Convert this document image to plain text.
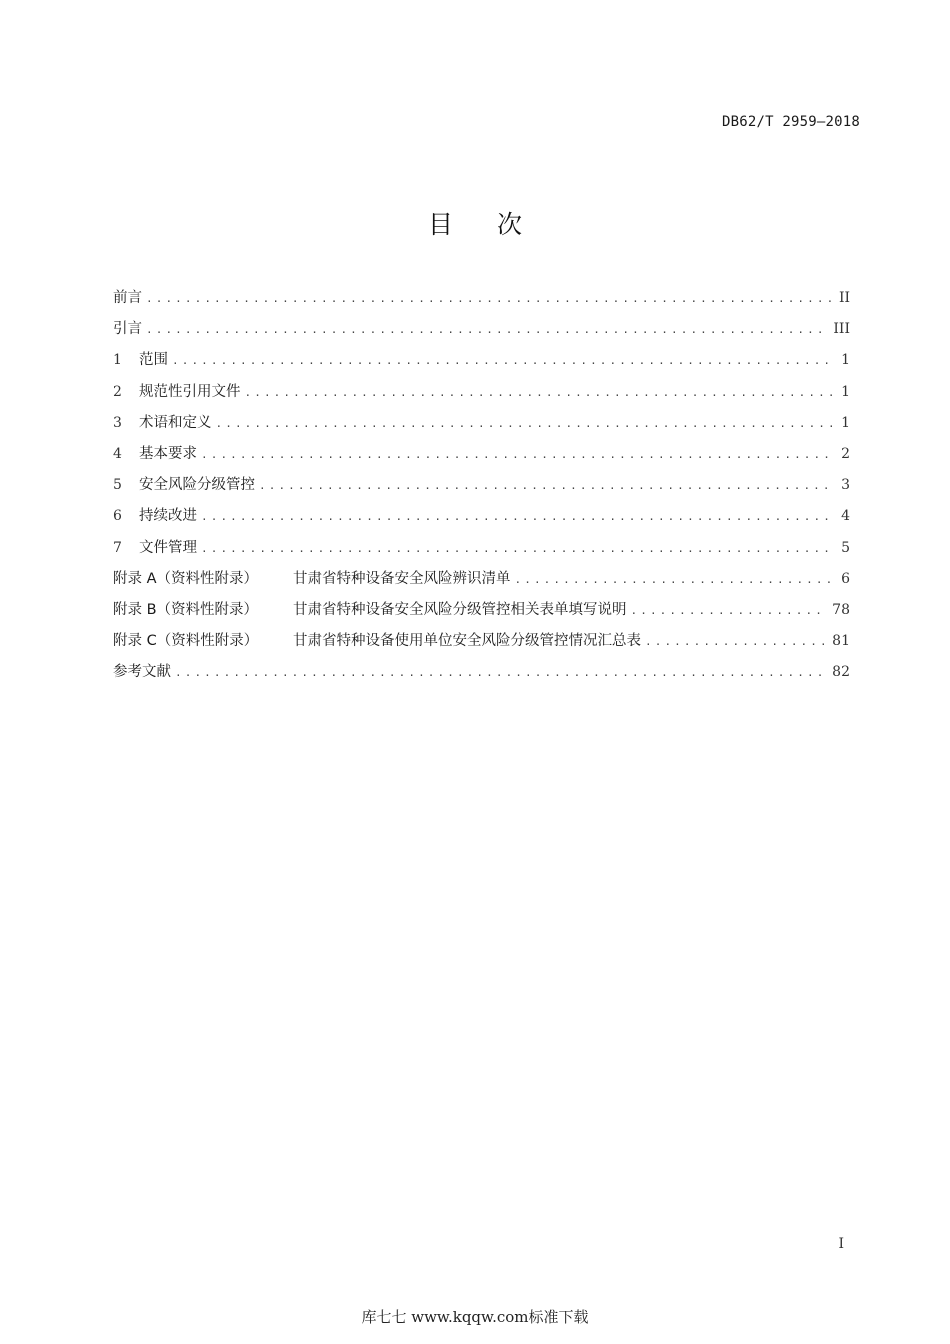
DB62/T 2959—2018
目次
前言 .....	II
引言 .....	III
1	范围 .....	1
2	规范性引用文件 .....	1
3	术语和定义 .....	1
4	基本要求 .....	2
5	安全风险分级管控 .....	3
6	持续改进 .....	4
7	文件管理 .....	5
附录 A（资料性附录）	甘肃省特种设备安全风险辨识清单 .....	6
附录 B（资料性附录）	甘肃省特种设备安全风险分级管控相关表单填写说明 .....	78
附录 C（资料性附录）	甘肃省特种设备使用单位安全风险分级管控情况汇总表 .....	81
参考文献 .....	82
I
库七七 www.kqqw.com标准下载
